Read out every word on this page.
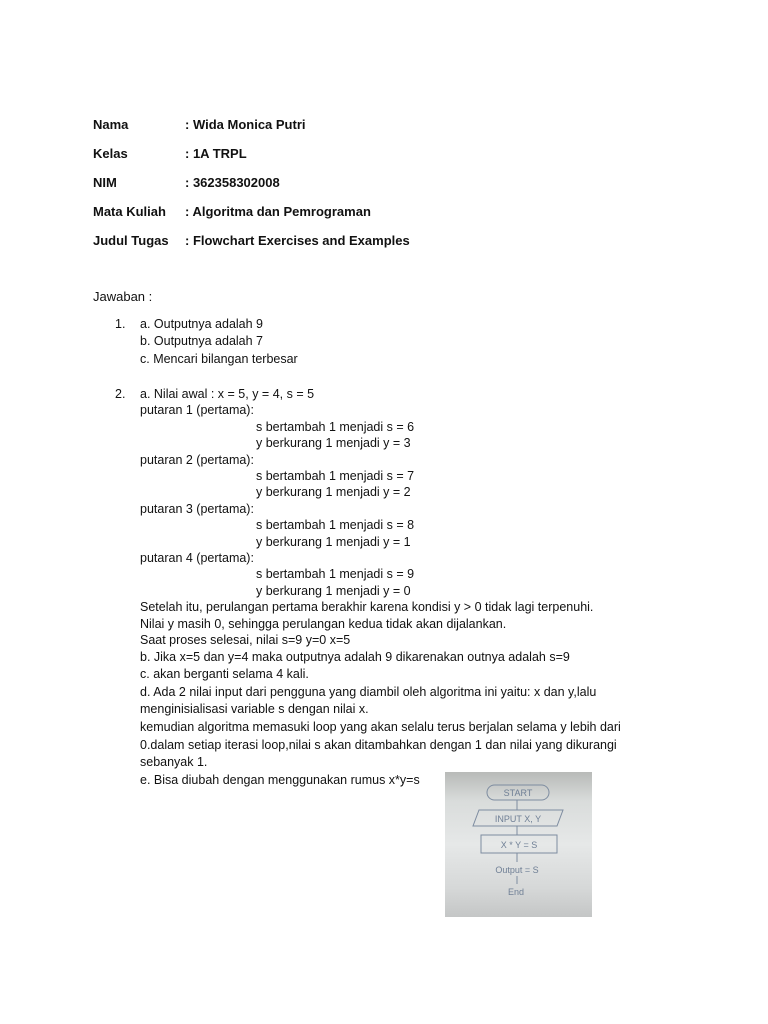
Nama	: Wida Monica Putri
Kelas	: 1A TRPL
NIM	: 362358302008
Mata Kuliah	: Algoritma dan Pemrograman
Judul Tugas	: Flowchart Exercises and Examples
Jawaban :
1. a. Outputnya adalah 9
b. Outputnya adalah 7
c. Mencari bilangan terbesar
2. a. Nilai awal : x = 5, y = 4, s = 5
putaran 1 (pertama):
s bertambah 1 menjadi s = 6
y berkurang 1 menjadi y = 3
putaran 2 (pertama):
s bertambah 1 menjadi s = 7
y berkurang 1 menjadi y = 2
putaran 3 (pertama):
s bertambah 1 menjadi s = 8
y berkurang 1 menjadi y = 1
putaran 4 (pertama):
s bertambah 1 menjadi s = 9
y berkurang 1 menjadi y = 0
Setelah itu, perulangan pertama berakhir karena kondisi y > 0 tidak lagi terpenuhi.
Nilai y masih 0, sehingga perulangan kedua tidak akan dijalankan.
Saat proses selesai, nilai s=9 y=0 x=5
b. Jika x=5 dan y=4 maka outputnya adalah 9 dikarenakan outnya adalah s=9
c. akan berganti selama 4 kali.
d. Ada 2 nilai input dari pengguna yang diambil oleh algoritma ini yaitu: x dan y,lalu
menginisialisasi variable s dengan nilai x.
kemudian algoritma memasuki loop yang akan selalu terus berjalan selama y lebih dari
0.dalam setiap iterasi loop,nilai s akan ditambahkan dengan 1 dan nilai yang dikurangi
sebanyak 1.
e. Bisa diubah dengan menggunakan rumus x*y=s
START
INPUT X, Y
X * Y = S
Output = S
End
